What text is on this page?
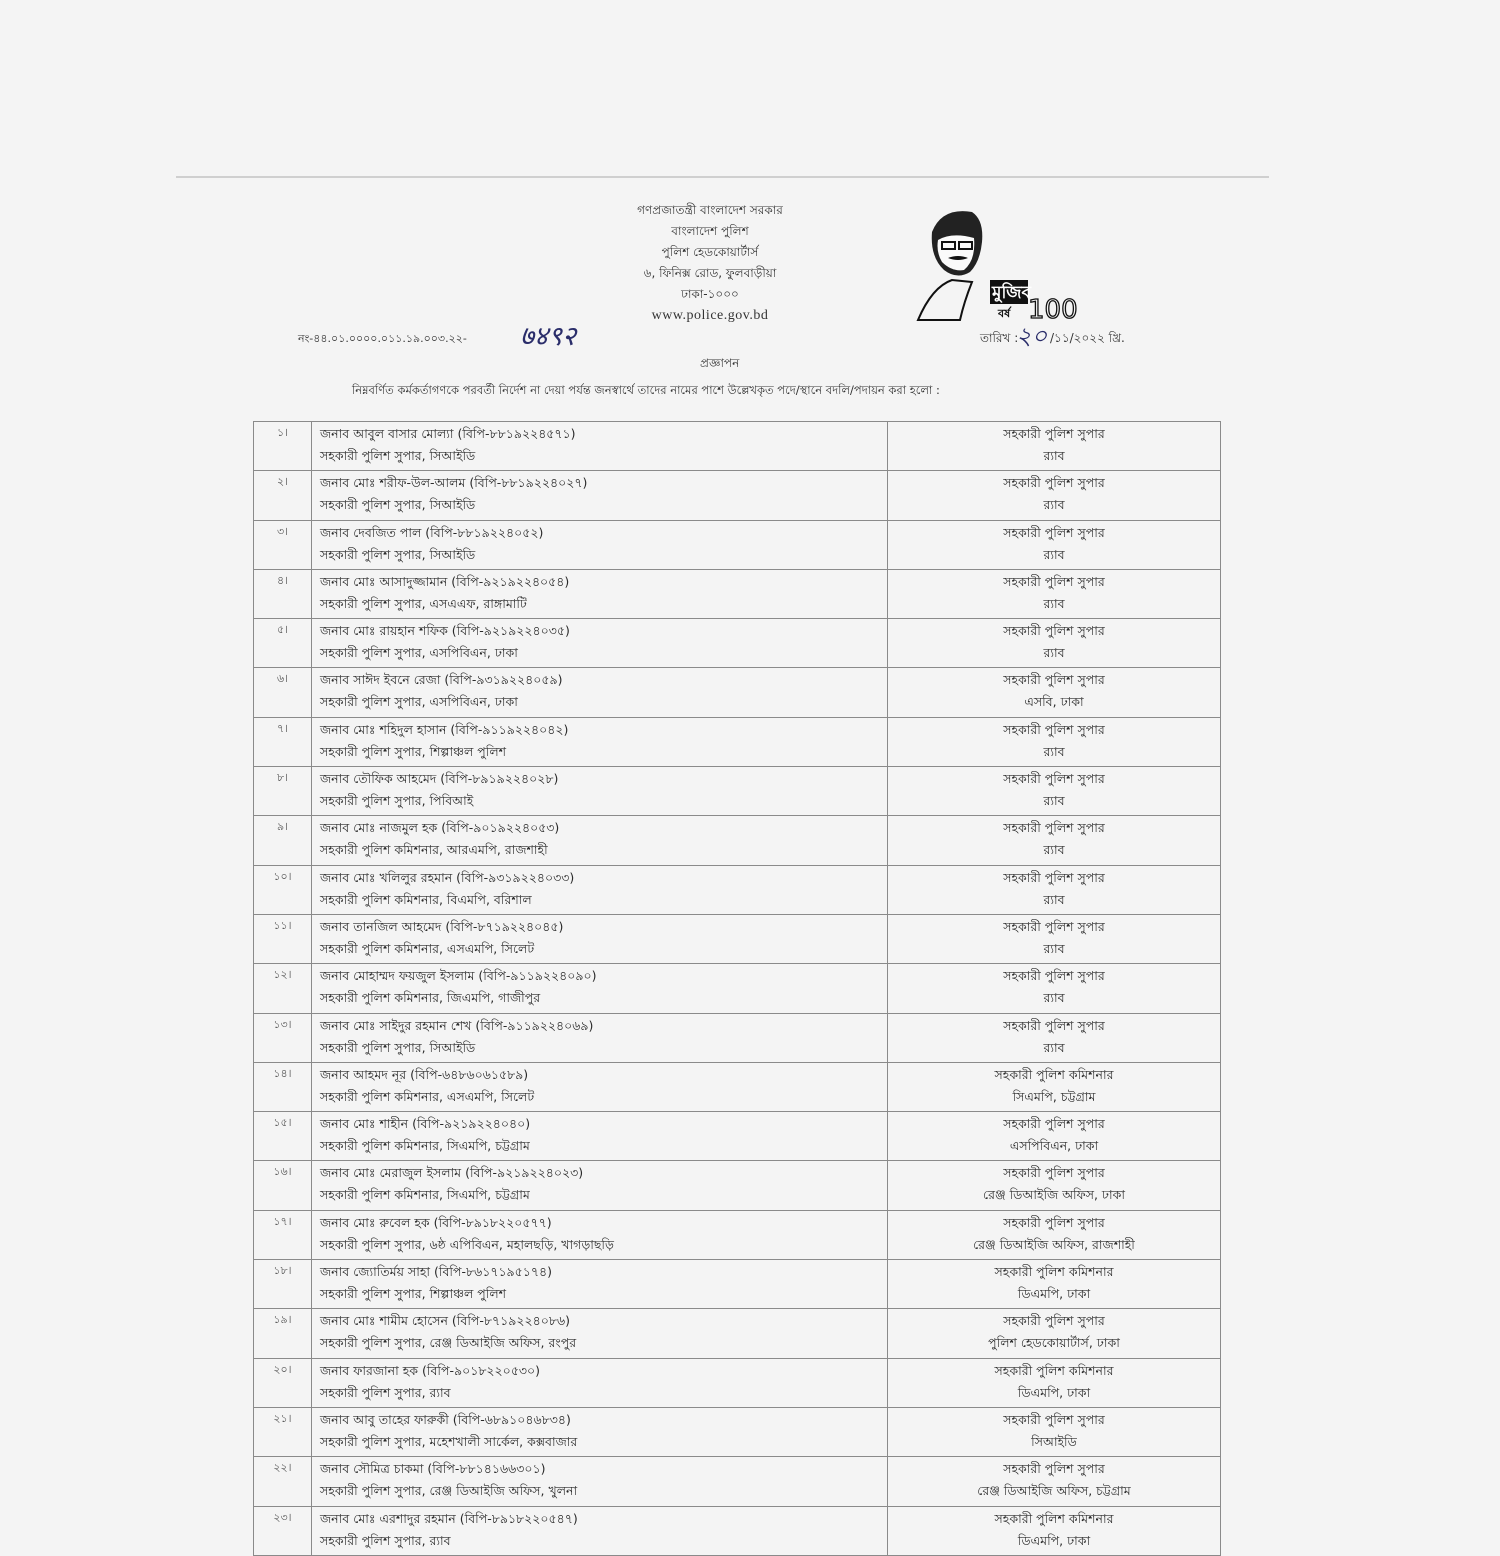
গণপ্রজাতন্ত্রী বাংলাদেশ সরকার
বাংলাদেশ পুলিশ
পুলিশ হেডকোয়ার্টার্স
৬, ফিনিক্স রোড, ফুলবাড়ীয়া
ঢাকা-১০০০
www.police.gov.bd
মুজিব
বর্ষ 100
নং-৪৪.০১.০০০০.০১১.১৯.০০৩.২২- ७४९२	তারিখ :
২০ /১১/২০২২ খ্রি.
প্রজ্ঞাপন
নিম্নবর্ণিত কর্মকর্তাগণকে পরবর্তী নির্দেশ না দেয়া পর্যন্ত জনস্বার্থে তাদের নামের পাশে উল্লেখকৃত পদে/স্থানে বদলি/পদায়ন করা হলো :
১।	জনাব আবুল বাসার মোল্যা (বিপি-৮৮১৯২২৪৫৭১)
সহকারী পুলিশ সুপার, সিআইডি	সহকারী পুলিশ সুপার
র‍্যাব

২।	জনাব মোঃ শরীফ-উল-আলম (বিপি-৮৮১৯২২৪০২৭)
সহকারী পুলিশ সুপার, সিআইডি	সহকারী পুলিশ সুপার
র‍্যাব

৩।	জনাব দেবজিত পাল (বিপি-৮৮১৯২২৪০৫২)
সহকারী পুলিশ সুপার, সিআইডি	সহকারী পুলিশ সুপার
র‍্যাব

৪।	জনাব মোঃ আসাদুজ্জামান (বিপি-৯২১৯২২৪০৫৪)
সহকারী পুলিশ সুপার, এসএএফ, রাঙ্গামাটি	সহকারী পুলিশ সুপার
র‍্যাব

৫।	জনাব মোঃ রায়হান শফিক (বিপি-৯২১৯২২৪০৩৫)
সহকারী পুলিশ সুপার, এসপিবিএন, ঢাকা	সহকারী পুলিশ সুপার
র‍্যাব

৬।	জনাব সাঈদ ইবনে রেজা (বিপি-৯৩১৯২২৪০৫৯)
সহকারী পুলিশ সুপার, এসপিবিএন, ঢাকা	সহকারী পুলিশ সুপার
এসবি, ঢাকা

৭।	জনাব মোঃ শহিদুল হাসান (বিপি-৯১১৯২২৪০৪২)
সহকারী পুলিশ সুপার, শিল্পাঞ্চল পুলিশ	সহকারী পুলিশ সুপার
র‍্যাব

৮।	জনাব তৌফিক আহমেদ (বিপি-৮৯১৯২২৪০২৮)
সহকারী পুলিশ সুপার, পিবিআই	সহকারী পুলিশ সুপার
র‍্যাব

৯।	জনাব মোঃ নাজমুল হক (বিপি-৯০১৯২২৪০৫৩)
সহকারী পুলিশ কমিশনার, আরএমপি, রাজশাহী	সহকারী পুলিশ সুপার
র‍্যাব

১০।	জনাব মোঃ খলিলুর রহমান (বিপি-৯৩১৯২২৪০৩৩)
সহকারী পুলিশ কমিশনার, বিএমপি, বরিশাল	সহকারী পুলিশ সুপার
র‍্যাব

১১।	জনাব তানজিল আহমেদ (বিপি-৮৭১৯২২৪০৪৫)
সহকারী পুলিশ কমিশনার, এসএমপি, সিলেট	সহকারী পুলিশ সুপার
র‍্যাব

১২।	জনাব মোহাম্মদ ফয়জুল ইসলাম (বিপি-৯১১৯২২৪০৯০)
সহকারী পুলিশ কমিশনার, জিএমপি, গাজীপুর	সহকারী পুলিশ সুপার
র‍্যাব

১৩।	জনাব মোঃ সাইদুর রহমান শেখ (বিপি-৯১১৯২২৪০৬৯)
সহকারী পুলিশ সুপার, সিআইডি	সহকারী পুলিশ সুপার
র‍্যাব

১৪।	জনাব আহমদ নূর (বিপি-৬৪৮৬০৬১৫৮৯)
সহকারী পুলিশ কমিশনার, এসএমপি, সিলেট	সহকারী পুলিশ কমিশনার
সিএমপি, চট্টগ্রাম

১৫।	জনাব মোঃ শাহীন (বিপি-৯২১৯২২৪০৪০)
সহকারী পুলিশ কমিশনার, সিএমপি, চট্টগ্রাম	সহকারী পুলিশ সুপার
এসপিবিএন, ঢাকা

১৬।	জনাব মোঃ মেরাজুল ইসলাম (বিপি-৯২১৯২২৪০২৩)
সহকারী পুলিশ কমিশনার, সিএমপি, চট্টগ্রাম	সহকারী পুলিশ সুপার
রেঞ্জ ডিআইজি অফিস, ঢাকা

১৭।	জনাব মোঃ রুবেল হক (বিপি-৮৯১৮২২০৫৭৭)
সহকারী পুলিশ সুপার, ৬ষ্ঠ এপিবিএন, মহালছড়ি, খাগড়াছড়ি	সহকারী পুলিশ সুপার
রেঞ্জ ডিআইজি অফিস, রাজশাহী

১৮।	জনাব জ্যোতির্ময় সাহা (বিপি-৮৬১৭১৯৫১৭৪)
সহকারী পুলিশ সুপার, শিল্পাঞ্চল পুলিশ	সহকারী পুলিশ কমিশনার
ডিএমপি, ঢাকা

১৯।	জনাব মোঃ শামীম হোসেন (বিপি-৮৭১৯২২৪০৮৬)
সহকারী পুলিশ সুপার, রেঞ্জ ডিআইজি অফিস, রংপুর	সহকারী পুলিশ সুপার
পুলিশ হেডকোয়ার্টার্স, ঢাকা

২০।	জনাব ফারজানা হক (বিপি-৯০১৮২২০৫৩০)
সহকারী পুলিশ সুপার, র‍্যাব	সহকারী পুলিশ কমিশনার
ডিএমপি, ঢাকা

২১।	জনাব আবু তাহের ফারুকী (বিপি-৬৮৯১০৪৬৮৩৪)
সহকারী পুলিশ সুপার, মহেশখালী সার্কেল, কক্সবাজার	সহকারী পুলিশ সুপার
সিআইডি

২২।	জনাব সৌমিত্র চাকমা (বিপি-৮৮১৪১৬৬৩০১)
সহকারী পুলিশ সুপার, রেঞ্জ ডিআইজি অফিস, খুলনা	সহকারী পুলিশ সুপার
রেঞ্জ ডিআইজি অফিস, চট্টগ্রাম

২৩।	জনাব মোঃ এরশাদুর রহমান (বিপি-৮৯১৮২২০৫৪৭)
সহকারী পুলিশ সুপার, র‍্যাব	সহকারী পুলিশ কমিশনার
ডিএমপি, ঢাকা
